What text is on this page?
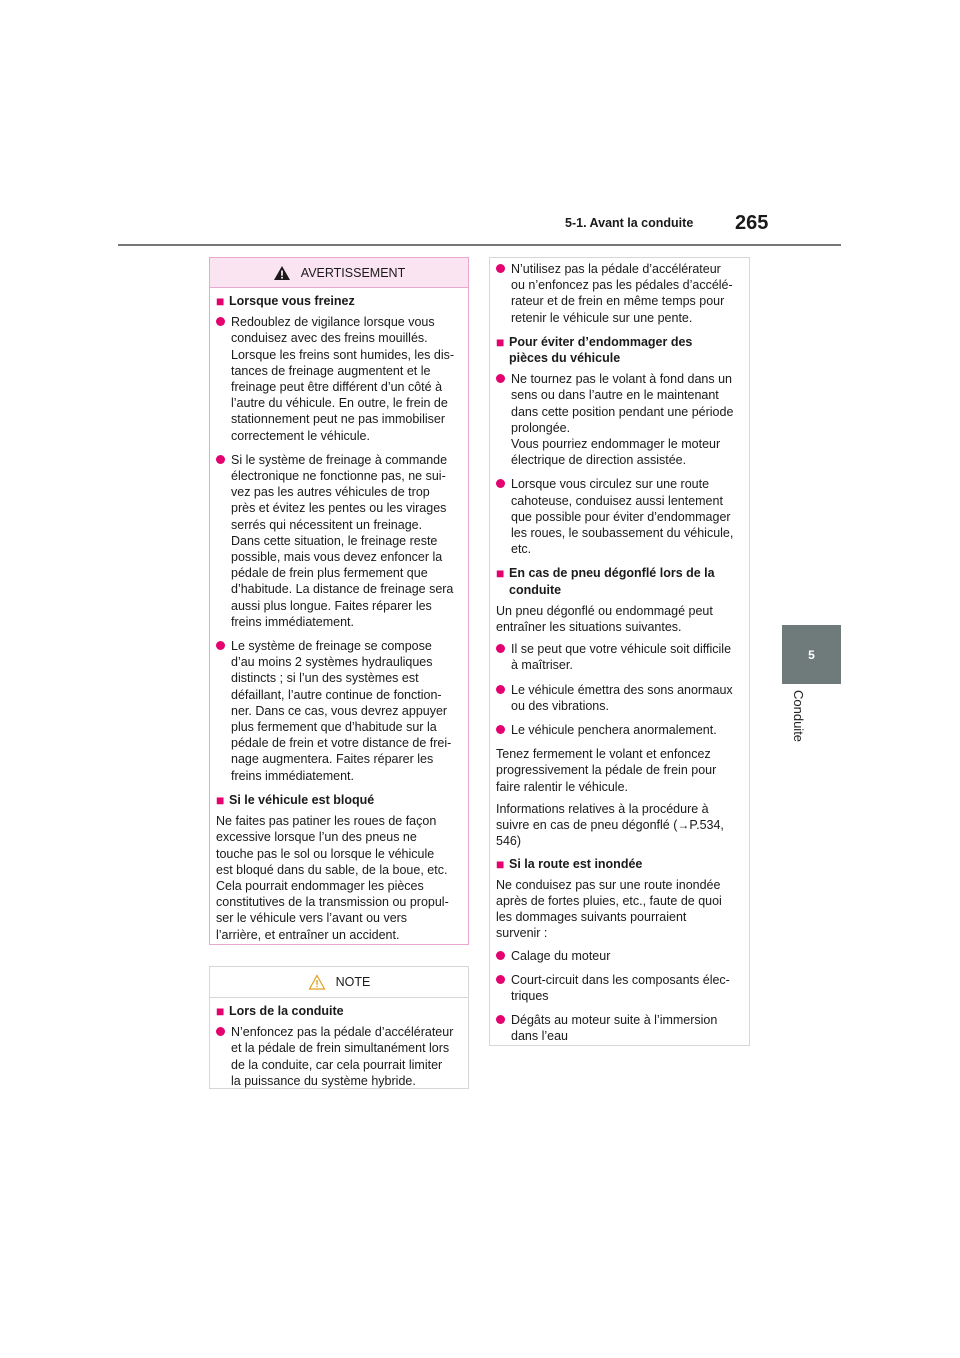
5-1. Avant la conduite 265
5
Conduite
AVERTISSEMENT
■ Lorsque vous freinez
Redoublez de vigilance lorsque vous
conduisez avec des freins mouillés.
Lorsque les freins sont humides, les dis-
tances de freinage augmentent et le
freinage peut être différent d’un côté à
l’autre du véhicule. En outre, le frein de
stationnement peut ne pas immobiliser
correctement le véhicule.
Si le système de freinage à commande
électronique ne fonctionne pas, ne sui-
vez pas les autres véhicules de trop
près et évitez les pentes ou les virages
serrés qui nécessitent un freinage.
Dans cette situation, le freinage reste
possible, mais vous devez enfoncer la
pédale de frein plus fermement que
d’habitude. La distance de freinage sera
aussi plus longue. Faites réparer les
freins immédiatement.
Le système de freinage se compose
d’au moins 2 systèmes hydrauliques
distincts ; si l’un des systèmes est
défaillant, l’autre continue de fonction-
ner. Dans ce cas, vous devrez appuyer
plus fermement que d’habitude sur la
pédale de frein et votre distance de frei-
nage augmentera. Faites réparer les
freins immédiatement.
■ Si le véhicule est bloqué
Ne faites pas patiner les roues de façon
excessive lorsque l’un des pneus ne
touche pas le sol ou lorsque le véhicule
est bloqué dans du sable, de la boue, etc.
Cela pourrait endommager les pièces
constitutives de la transmission ou propul-
ser le véhicule vers l’avant ou vers
l’arrière, et entraîner un accident.
NOTE
■ Lors de la conduite
N’enfoncez pas la pédale d’accélérateur
et la pédale de frein simultanément lors
de la conduite, car cela pourrait limiter
la puissance du système hybride.
N’utilisez pas la pédale d’accélérateur
ou n’enfoncez pas les pédales d’accélé-
rateur et de frein en même temps pour
retenir le véhicule sur une pente.
■ Pour éviter d’endommager des
pièces du véhicule
Ne tournez pas le volant à fond dans un
sens ou dans l’autre en le maintenant
dans cette position pendant une période
prolongée.
Vous pourriez endommager le moteur
électrique de direction assistée.
Lorsque vous circulez sur une route
cahoteuse, conduisez aussi lentement
que possible pour éviter d’endommager
les roues, le soubassement du véhicule,
etc.
■ En cas de pneu dégonflé lors de la
conduite
Un pneu dégonflé ou endommagé peut
entraîner les situations suivantes.
Il se peut que votre véhicule soit difficile
à maîtriser.
Le véhicule émettra des sons anormaux
ou des vibrations.
Le véhicule penchera anormalement.
Tenez fermement le volant et enfoncez
progressivement la pédale de frein pour
faire ralentir le véhicule.
Informations relatives à la procédure à
suivre en cas de pneu dégonflé (→P.534,
546)
■ Si la route est inondée
Ne conduisez pas sur une route inondée
après de fortes pluies, etc., faute de quoi
les dommages suivants pourraient
survenir :
Calage du moteur
Court-circuit dans les composants élec-
triques
Dégâts au moteur suite à l’immersion
dans l’eau
